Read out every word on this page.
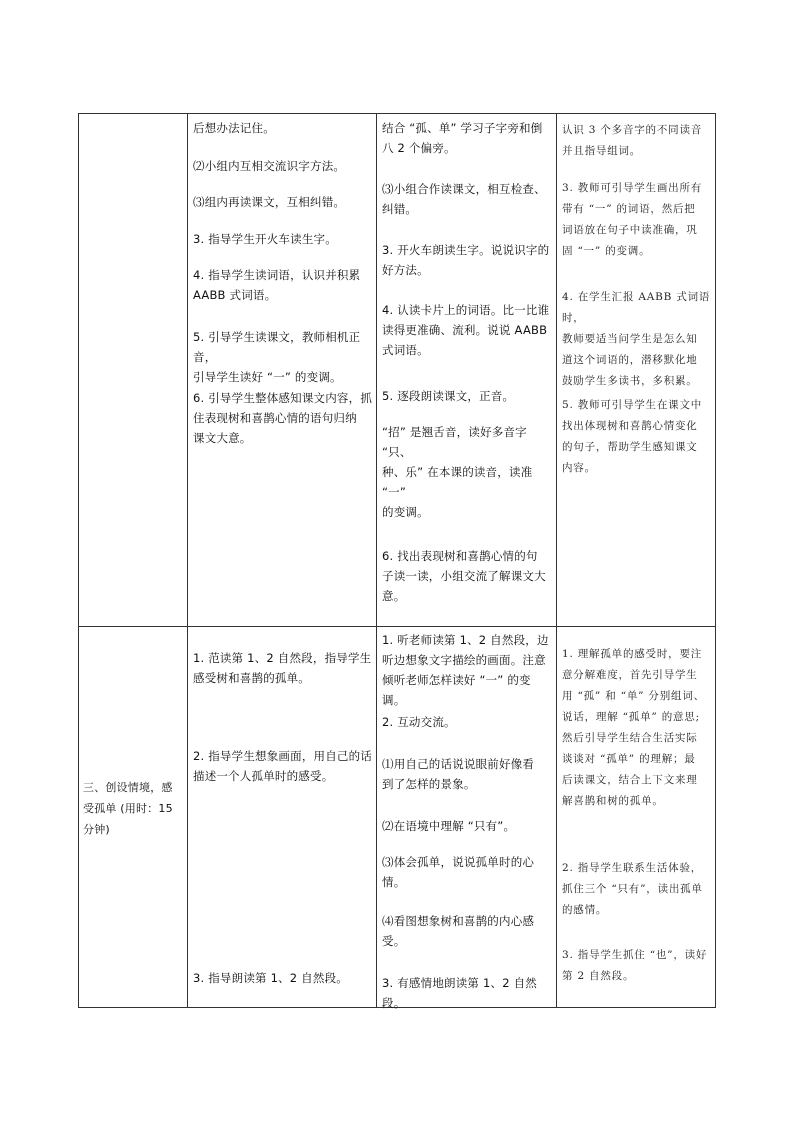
后想办法记住。

⑵小组内互相交流识字方法。

⑶组内再读课文，互相纠错。

3. 指导学生开火车读生字。

4. 指导学生读词语，认识并积累
AABB 式词语。

5. 引导学生读课文，教师相机正音，
引导学生读好 “一” 的变调。

6. 引导学生整体感知课文内容，抓
住表现树和喜鹊心情的语句归纳
课文大意。

结合 “孤、单” 学习子字旁和倒
八 2 个偏旁。

⑶小组合作读课文，相互检查、
纠错。

3. 开火车朗读生字。说说识字的
好方法。

4. 认读卡片上的词语。比一比谁
读得更准确、流利。说说 AABB
式词语。

5. 逐段朗读课文，正音。

“招” 是翘舌音，读好多音字 “只、
种、乐” 在本课的读音，读准 “一”
的变调。

6. 找出表现树和喜鹊心情的句
子读一读，小组交流了解课文大
意。

认识 3 个多音字的不同读音
并且指导组词。

3. 教师可引导学生画出所有
带有 “一” 的词语，然后把
词语放在句子中读准确，巩
固 “一” 的变调。

4. 在学生汇报 AABB 式词语时，
教师要适当问学生是怎么知
道这个词语的，潜移默化地
鼓励学生多读书，多积累。

5. 教师可引导学生在课文中
找出体现树和喜鹊心情变化
的句子，帮助学生感知课文
内容。

三、创设情境，感
受孤单 (用时：15
分钟)

1. 范读第 1、2 自然段，指导学生
感受树和喜鹊的孤单。

2. 指导学生想象画面，用自己的话
描述一个人孤单时的感受。

3. 指导朗读第 1、2 自然段。

1. 听老师读第 1、2 自然段，边
听边想象文字描绘的画面。注意
倾听老师怎样读好 “一” 的变调。

2. 互动交流。

⑴用自己的话说说眼前好像看
到了怎样的景象。

⑵在语境中理解 “只有”。

⑶体会孤单，说说孤单时的心
情。

⑷看图想象树和喜鹊的内心感
受。

3. 有感情地朗读第 1、2 自然段。

1. 理解孤单的感受时，要注
意分解难度，首先引导学生
用 “孤” 和 “单” 分别组词、
说话，理解 “孤单” 的意思;
然后引导学生结合生活实际
谈谈对 “孤单” 的理解；最
后读课文，结合上下文来理
解喜鹊和树的孤单。

2. 指导学生联系生活体验，
抓住三个 “只有”，读出孤单
的感情。

3. 指导学生抓住 “也”，读好
第 2 自然段。
